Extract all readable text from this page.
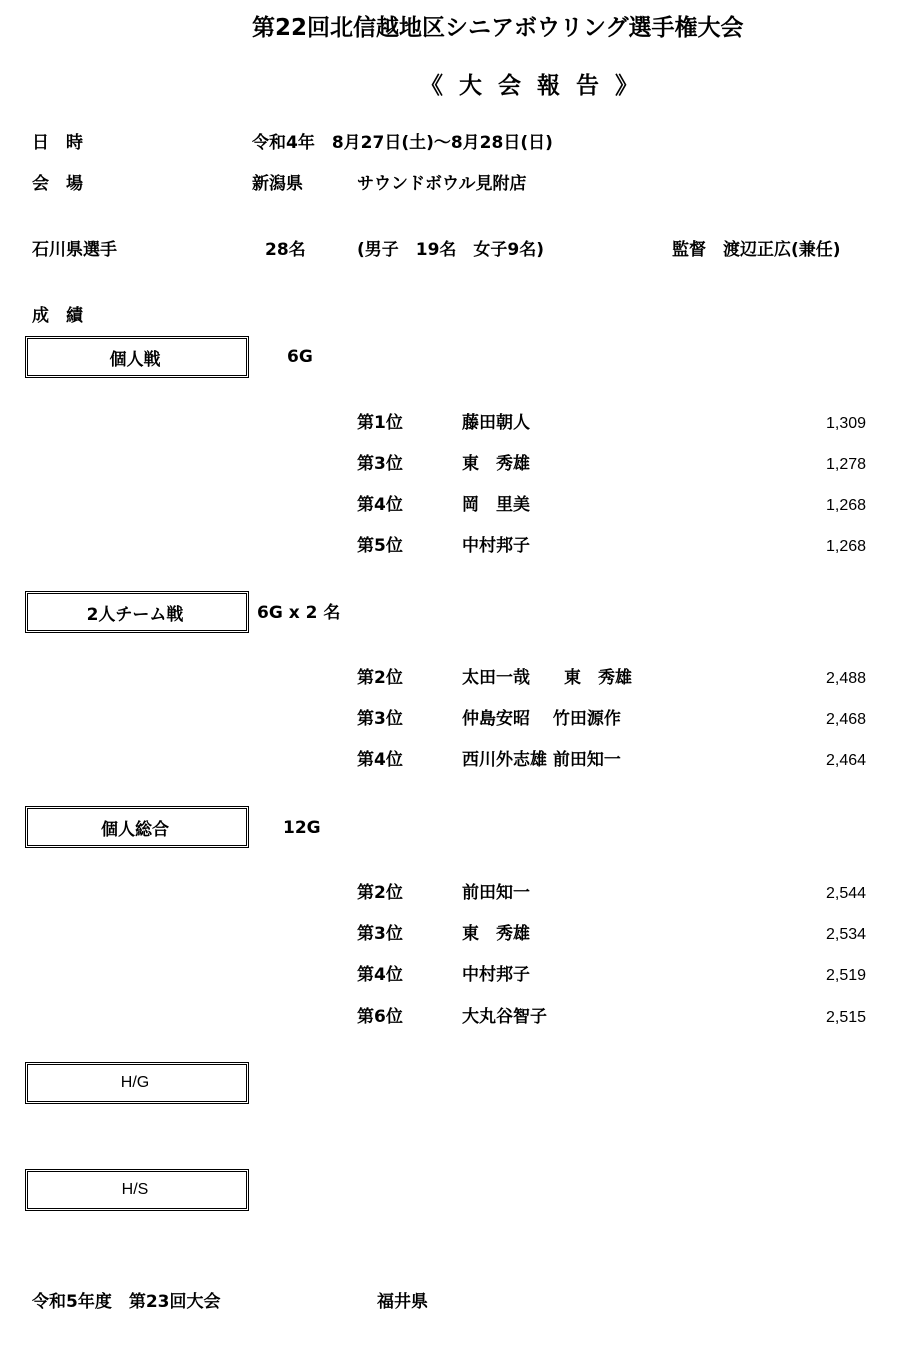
第22回北信越地区シニアボウリング選手権大会
《 大 会 報 告 》
日　時	令和4年　8月27日(土)～8月28日(日)
会　場	新潟県	サウンドボウル見附店
石川県選手	28名	(男子　19名　女子9名)	監督　渡辺正広(兼任)
成　績
個人戦	6G
第1位	藤田朝人	1,309
第3位	東　秀雄	1,278
第4位	岡　里美	1,268
第5位	中村邦子	1,268
2人チーム戦	6G x 2 名
第2位	太田一哉　　東　秀雄	2,488
第3位	仲島安昭　 竹田源作	2,468
第4位	西川外志雄 前田知一	2,464
個人総合	12G
第2位	前田知一	2,544
第3位	東　秀雄	2,534
第4位	中村邦子	2,519
第6位	大丸谷智子	2,515
H/G
H/S
令和5年度　第23回大会	福井県
